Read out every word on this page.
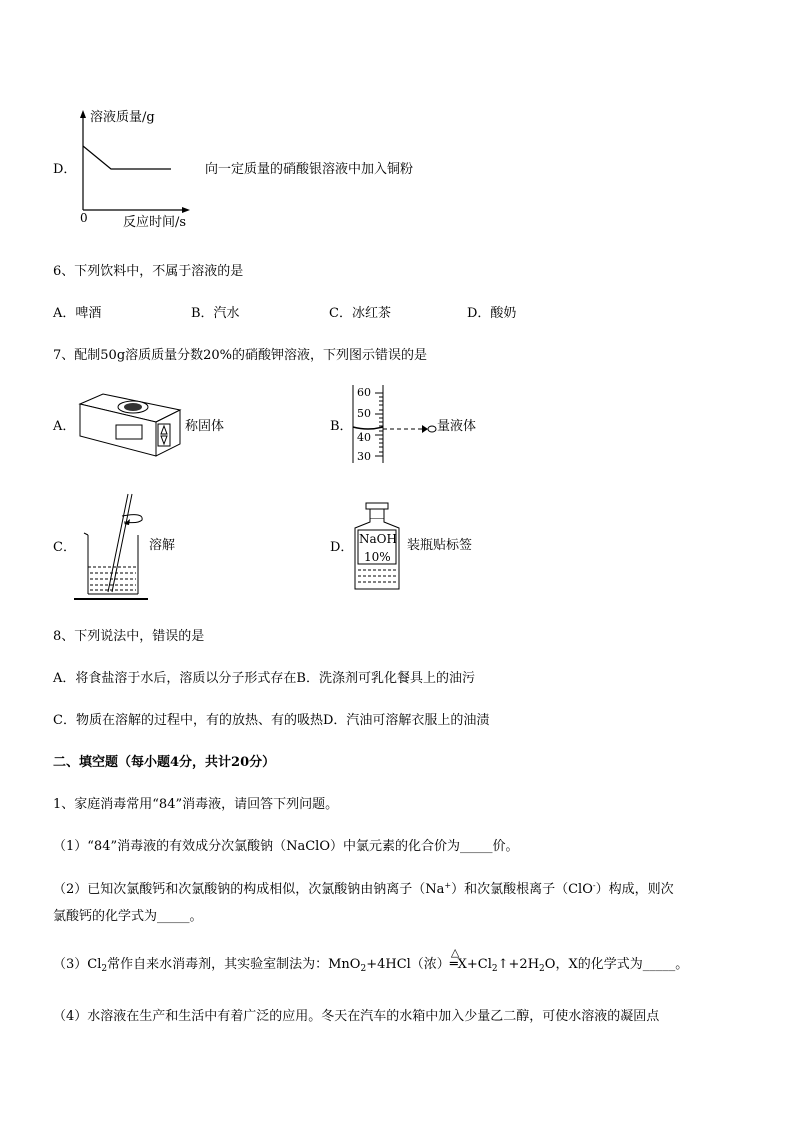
D．
溶液质量/g
0	反应时间/s
向一定质量的硝酸银溶液中加入铜粉
6、下列饮料中，不属于溶液的是
A．啤酒	B．汽水	C．冰红茶	D．酸奶
7、配制50g溶质质量分数20%的硝酸钾溶液，下列图示错误的是
A．	称固体	B．
60
50
40
30
量液体
C．	溶解	D．
NaOH
10%
装瓶贴标签
8、下列说法中，错误的是
A．将食盐溶于水后，溶质以分子形式存在B．洗涤剂可乳化餐具上的油污
C．物质在溶解的过程中，有的放热、有的吸热D．汽油可溶解衣服上的油渍
二、填空题（每小题4分，共计20分）
1、家庭消毒常用“84”消毒液，请回答下列问题。
（1）“84”消毒液的有效成分次氯酸钠（NaClO）中氯元素的化合价为_____价。
（2）已知次氯酸钙和次氯酸钠的构成相似，次氯酸钠由钠离子（Na+）和次氯酸根离子（ClO-）构成，则次
氯酸钙的化学式为_____。
$(3)Cl_2$常作自来水消毒剂，其实验室制法为：MnO$_2$+4HCl（浓）
△
$═X+Cl_2↑+2H_2O$，X的化学式为_____。
（4）水溶液在生产和生活中有着广泛的应用。冬天在汽车的水箱中加入少量乙二醇，可使水溶液的凝固点
